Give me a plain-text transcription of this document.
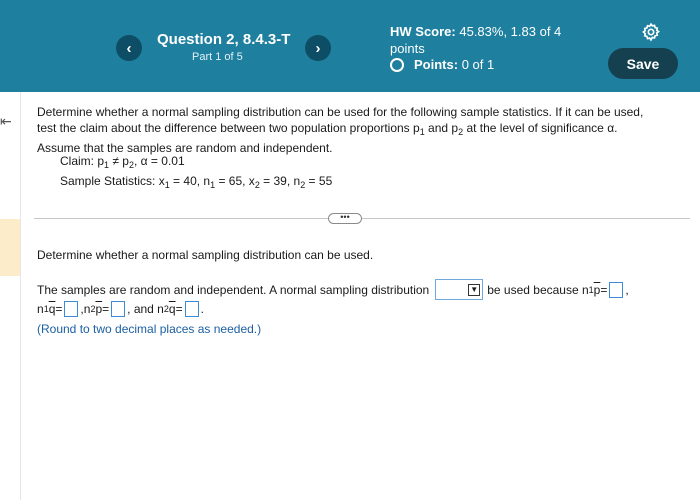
‹ Question 2, 8.4.3-T
Part 1 of 5
›
HW Score: 45.83%, 1.83 of 4
points
Points:
0 of 1	Save
⇤
Determine whether a normal sampling distribution can be used for the following sample statistics. If it can be used,
test the claim about the difference between two population proportions $p_1$ and $p_2$ at the level of significance α.
Assume that the samples are random and independent.
Claim: $p_1 \ne p_2$, α = 0.01
Sample Statistics: $x_1 = 40$, $n_1 = 65$, $x_2 = 39$, $n_2 = 55$
•••
Determine whether a normal sampling distribution can be used.
The samples are random and independent. A normal sampling distribution	▼ be used because n 1 $\overline{p}$ = ,
n 1 $\overline{q}$ = , n 2 $\overline{p}$ = , and n 2 $\overline{q}$ = .
(Round to two decimal places as needed.)
